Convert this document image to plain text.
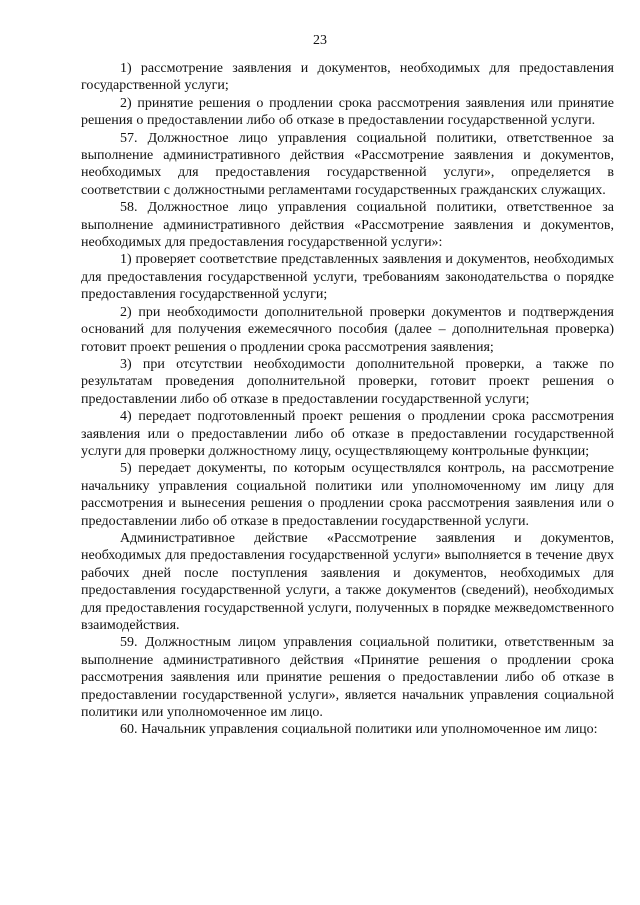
23

1) рассмотрение заявления и документов, необходимых для предоставления государственной услуги;

2) принятие решения о продлении срока рассмотрения заявления или принятие решения о предоставлении либо об отказе в предоставлении государственной услуги.

57. Должностное лицо управления социальной политики, ответственное за выполнение административного действия «Рассмотрение заявления и документов, необходимых для предоставления государственной услуги», определяется в соответствии с должностными регламентами государственных гражданских служащих.

58. Должностное лицо управления социальной политики, ответственное за выполнение административного действия «Рассмотрение заявления и документов, необходимых для предоставления государственной услуги»:

1) проверяет соответствие представленных заявления и документов, необходимых для предоставления государственной услуги, требованиям законодательства о порядке предоставления государственной услуги;

2) при необходимости дополнительной проверки документов и подтверждения оснований для получения ежемесячного пособия (далее – дополнительная проверка) готовит проект решения о продлении срока рассмотрения заявления;

3) при отсутствии необходимости дополнительной проверки, а также по результатам проведения дополнительной проверки, готовит проект решения о предоставлении либо об отказе в предоставлении государственной услуги;

4) передает подготовленный проект решения о продлении срока рассмотрения заявления или о предоставлении либо об отказе в предоставлении государственной услуги для проверки должностному лицу, осуществляющему контрольные функции;

5) передает документы, по которым осуществлялся контроль, на рассмотрение начальнику управления социальной политики или уполномоченному им лицу для рассмотрения и вынесения решения о продлении срока рассмотрения заявления или о предоставлении либо об отказе в предоставлении государственной услуги.

Административное действие «Рассмотрение заявления и документов, необходимых для предоставления государственной услуги» выполняется в течение двух рабочих дней после поступления заявления и документов, необходимых для предоставления государственной услуги, а также документов (сведений), необходимых для предоставления государственной услуги, полученных в порядке межведомственного взаимодействия.

59. Должностным лицом управления социальной политики, ответственным за выполнение административного действия «Принятие решения о продлении срока рассмотрения заявления или принятие решения о предоставлении либо об отказе в предоставлении государственной услуги», является начальник управления социальной политики или уполномоченное им лицо.

60. Начальник управления социальной политики или уполномоченное им лицо:
